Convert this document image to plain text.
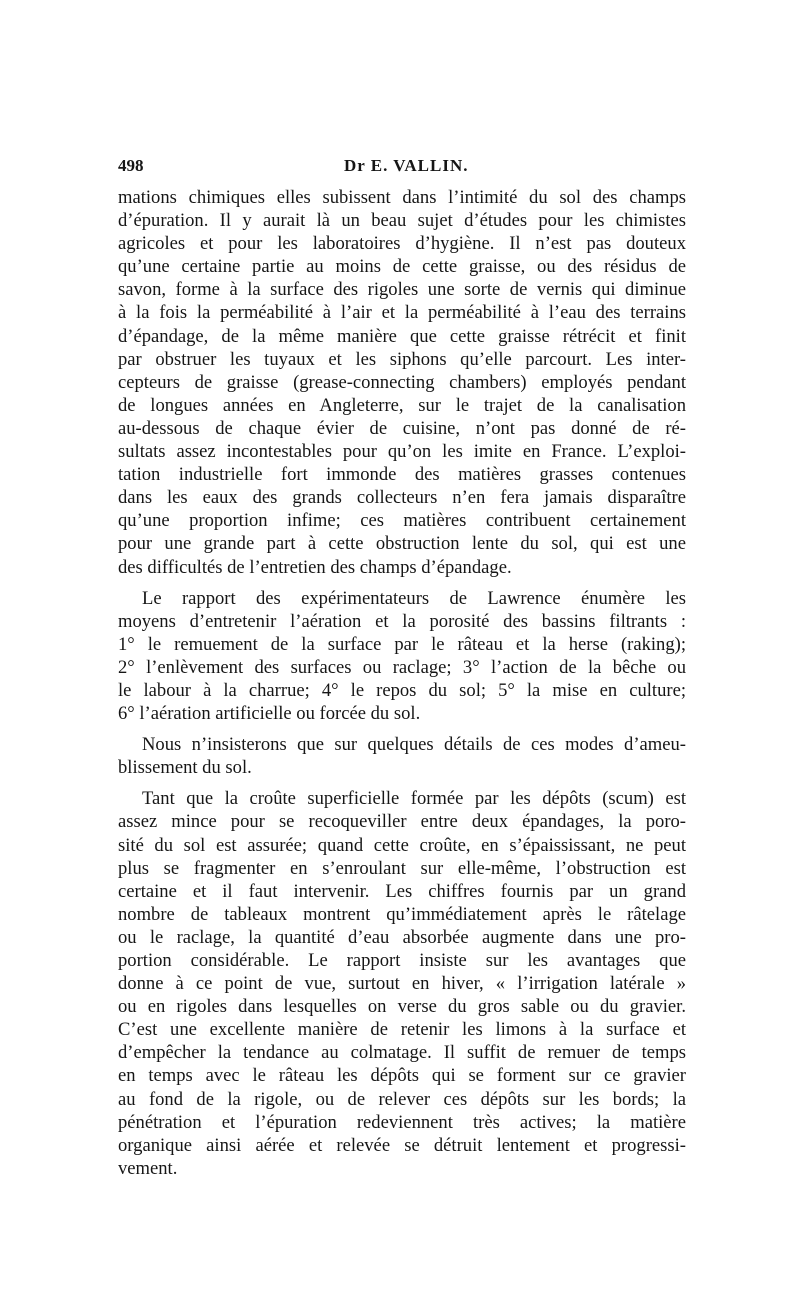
498	Dr E. VALLIN.

mations chimiques elles subissent dans l’intimité du sol des champs
d’épuration. Il y aurait là un beau sujet d’études pour les chimistes
agricoles et pour les laboratoires d’hygiène. Il n’est pas douteux
qu’une certaine partie au moins de cette graisse, ou des résidus de
savon, forme à la surface des rigoles une sorte de vernis qui diminue
à la fois la perméabilité à l’air et la perméabilité à l’eau des terrains
d’épandage, de la même manière que cette graisse rétrécit et finit
par obstruer les tuyaux et les siphons qu’elle parcourt. Les inter-
cepteurs de graisse (grease-connecting chambers) employés pendant
de longues années en Angleterre, sur le trajet de la canalisation
au-dessous de chaque évier de cuisine, n’ont pas donné de ré-
sultats assez incontestables pour qu’on les imite en France. L’exploi-
tation industrielle fort immonde des matières grasses contenues
dans les eaux des grands collecteurs n’en fera jamais disparaître
qu’une proportion infime; ces matières contribuent certainement
pour une grande part à cette obstruction lente du sol, qui est une
des difficultés de l’entretien des champs d’épandage.

Le rapport des expérimentateurs de Lawrence énumère les
moyens d’entretenir l’aération et la porosité des bassins filtrants :
1° le remuement de la surface par le râteau et la herse (raking);
2° l’enlèvement des surfaces ou raclage; 3° l’action de la bêche ou
le labour à la charrue; 4° le repos du sol; 5° la mise en culture;
6° l’aération artificielle ou forcée du sol.

Nous n’insisterons que sur quelques détails de ces modes d’ameu-
blissement du sol.

Tant que la croûte superficielle formée par les dépôts (scum) est
assez mince pour se recoqueviller entre deux épandages, la poro-
sité du sol est assurée; quand cette croûte, en s’épaississant, ne peut
plus se fragmenter en s’enroulant sur elle-même, l’obstruction est
certaine et il faut intervenir. Les chiffres fournis par un grand
nombre de tableaux montrent qu’immédiatement après le râtelage
ou le raclage, la quantité d’eau absorbée augmente dans une pro-
portion considérable. Le rapport insiste sur les avantages que
donne à ce point de vue, surtout en hiver, « l’irrigation latérale »
ou en rigoles dans lesquelles on verse du gros sable ou du gravier.
C’est une excellente manière de retenir les limons à la surface et
d’empêcher la tendance au colmatage. Il suffit de remuer de temps
en temps avec le râteau les dépôts qui se forment sur ce gravier
au fond de la rigole, ou de relever ces dépôts sur les bords; la
pénétration et l’épuration redeviennent très actives; la matière
organique ainsi aérée et relevée se détruit lentement et progressi-
vement.
